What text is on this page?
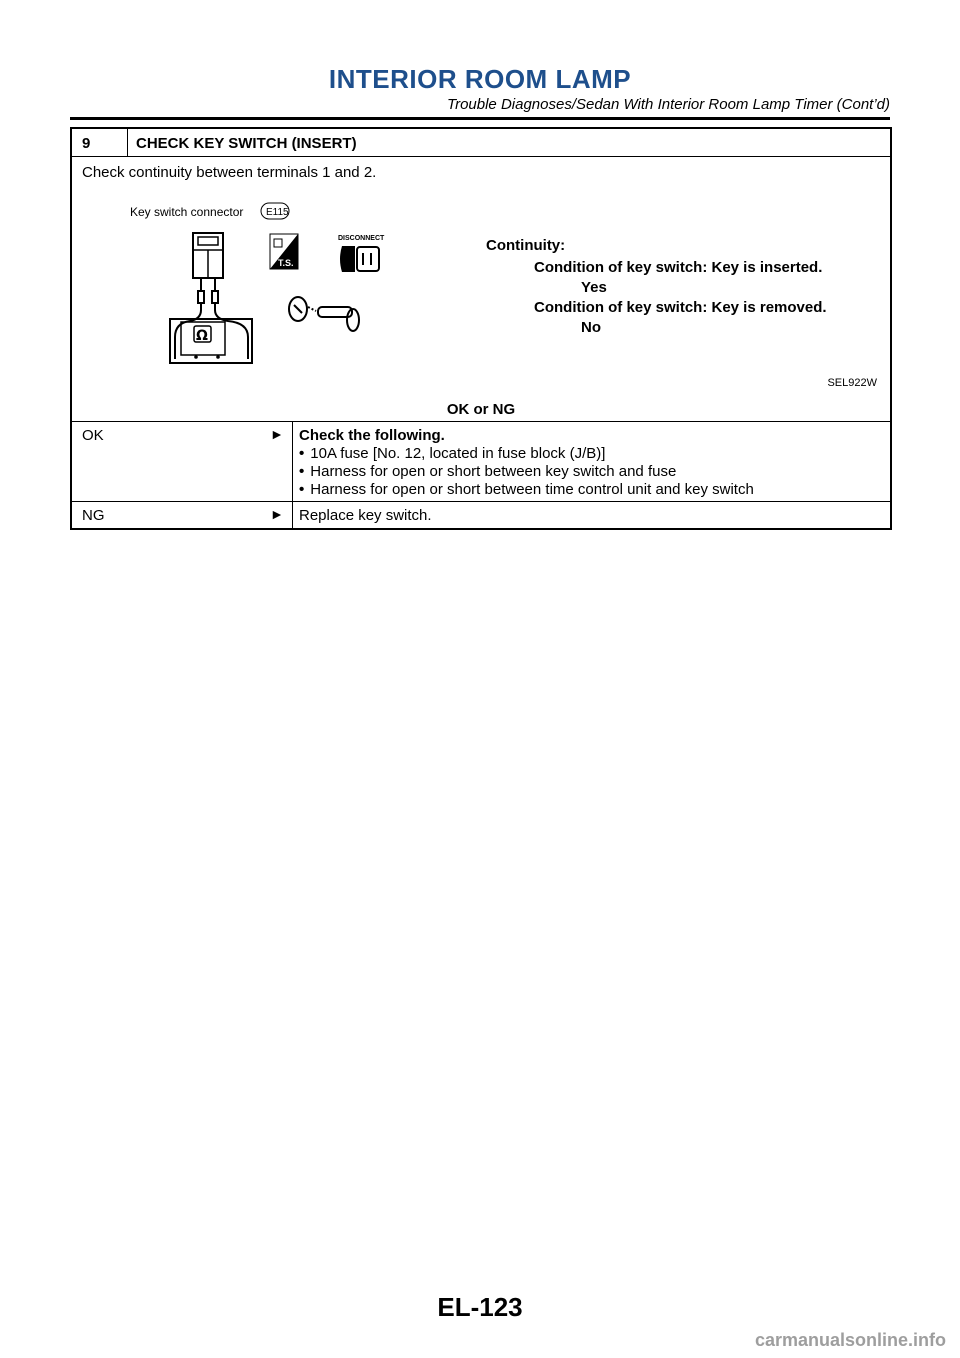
INTERIOR ROOM LAMP
Trouble Diagnoses/Sedan With Interior Room Lamp Timer (Cont’d)
9	CHECK KEY SWITCH (INSERT)
Check continuity between terminals 1 and 2.
Key switch connector E115
Ω
T.S.
DISCONNECT	Continuity:
Condition of key switch: Key is inserted.
Yes
Condition of key switch: Key is removed.
No
SEL922W
OK or NG
OK	► Check the following.
• 10A fuse [No. 12, located in fuse block (J/B)]
• Harness for open or short between key switch and fuse
• Harness for open or short between time control unit and key switch
NG	► Replace key switch.
EL-123
carmanualsonline.info
